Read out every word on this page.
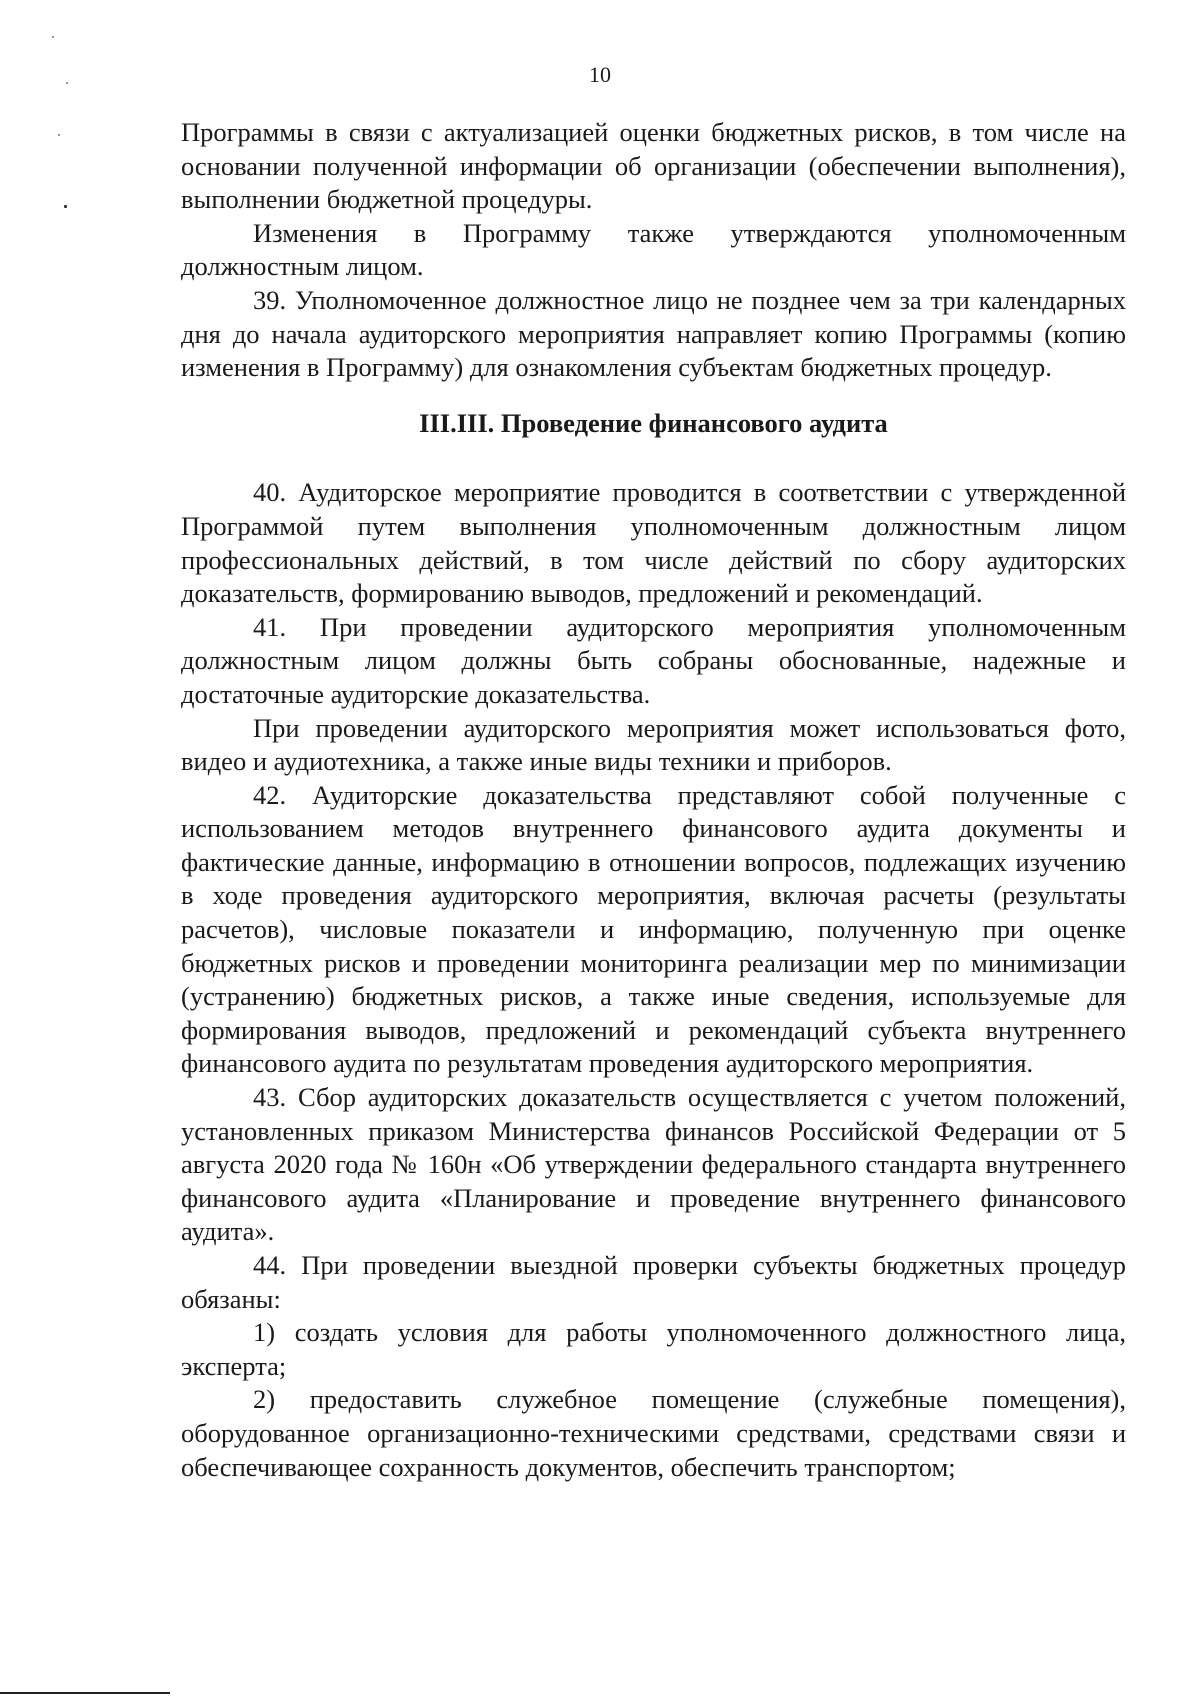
10

Программы в связи с актуализацией оценки бюджетных рисков, в том числе на основании полученной информации об организации (обеспечении выполнения), выполнении бюджетной процедуры.

Изменения в Программу также утверждаются уполномоченным должностным лицом.

39. Уполномоченное должностное лицо не позднее чем за три календарных дня до начала аудиторского мероприятия направляет копию Программы (копию изменения в Программу) для ознакомления субъектам бюджетных процедур.

III.III. Проведение финансового аудита

40. Аудиторское мероприятие проводится в соответствии с утвержденной Программой путем выполнения уполномоченным должностным лицом профессиональных действий, в том числе действий по сбору аудиторских доказательств, формированию выводов, предложений и рекомендаций.

41. При проведении аудиторского мероприятия уполномоченным должностным лицом должны быть собраны обоснованные, надежные и достаточные аудиторские доказательства.

При проведении аудиторского мероприятия может использоваться фото, видео и аудиотехника, а также иные виды техники и приборов.

42. Аудиторские доказательства представляют собой полученные с использованием методов внутреннего финансового аудита документы и фактические данные, информацию в отношении вопросов, подлежащих изучению в ходе проведения аудиторского мероприятия, включая расчеты (результаты расчетов), числовые показатели и информацию, полученную при оценке бюджетных рисков и проведении мониторинга реализации мер по минимизации (устранению) бюджетных рисков, а также иные сведения, используемые для формирования выводов, предложений и рекомендаций субъекта внутреннего финансового аудита по результатам проведения аудиторского мероприятия.

43. Сбор аудиторских доказательств осуществляется с учетом положений, установленных приказом Министерства финансов Российской Федерации от 5 августа 2020 года № 160н «Об утверждении федерального стандарта внутреннего финансового аудита «Планирование и проведение внутреннего финансового аудита».

44. При проведении выездной проверки субъекты бюджетных процедур обязаны:

1) создать условия для работы уполномоченного должностного лица, эксперта;

2) предоставить служебное помещение (служебные помещения), оборудованное организационно-техническими средствами, средствами связи и обеспечивающее сохранность документов, обеспечить транспортом;
